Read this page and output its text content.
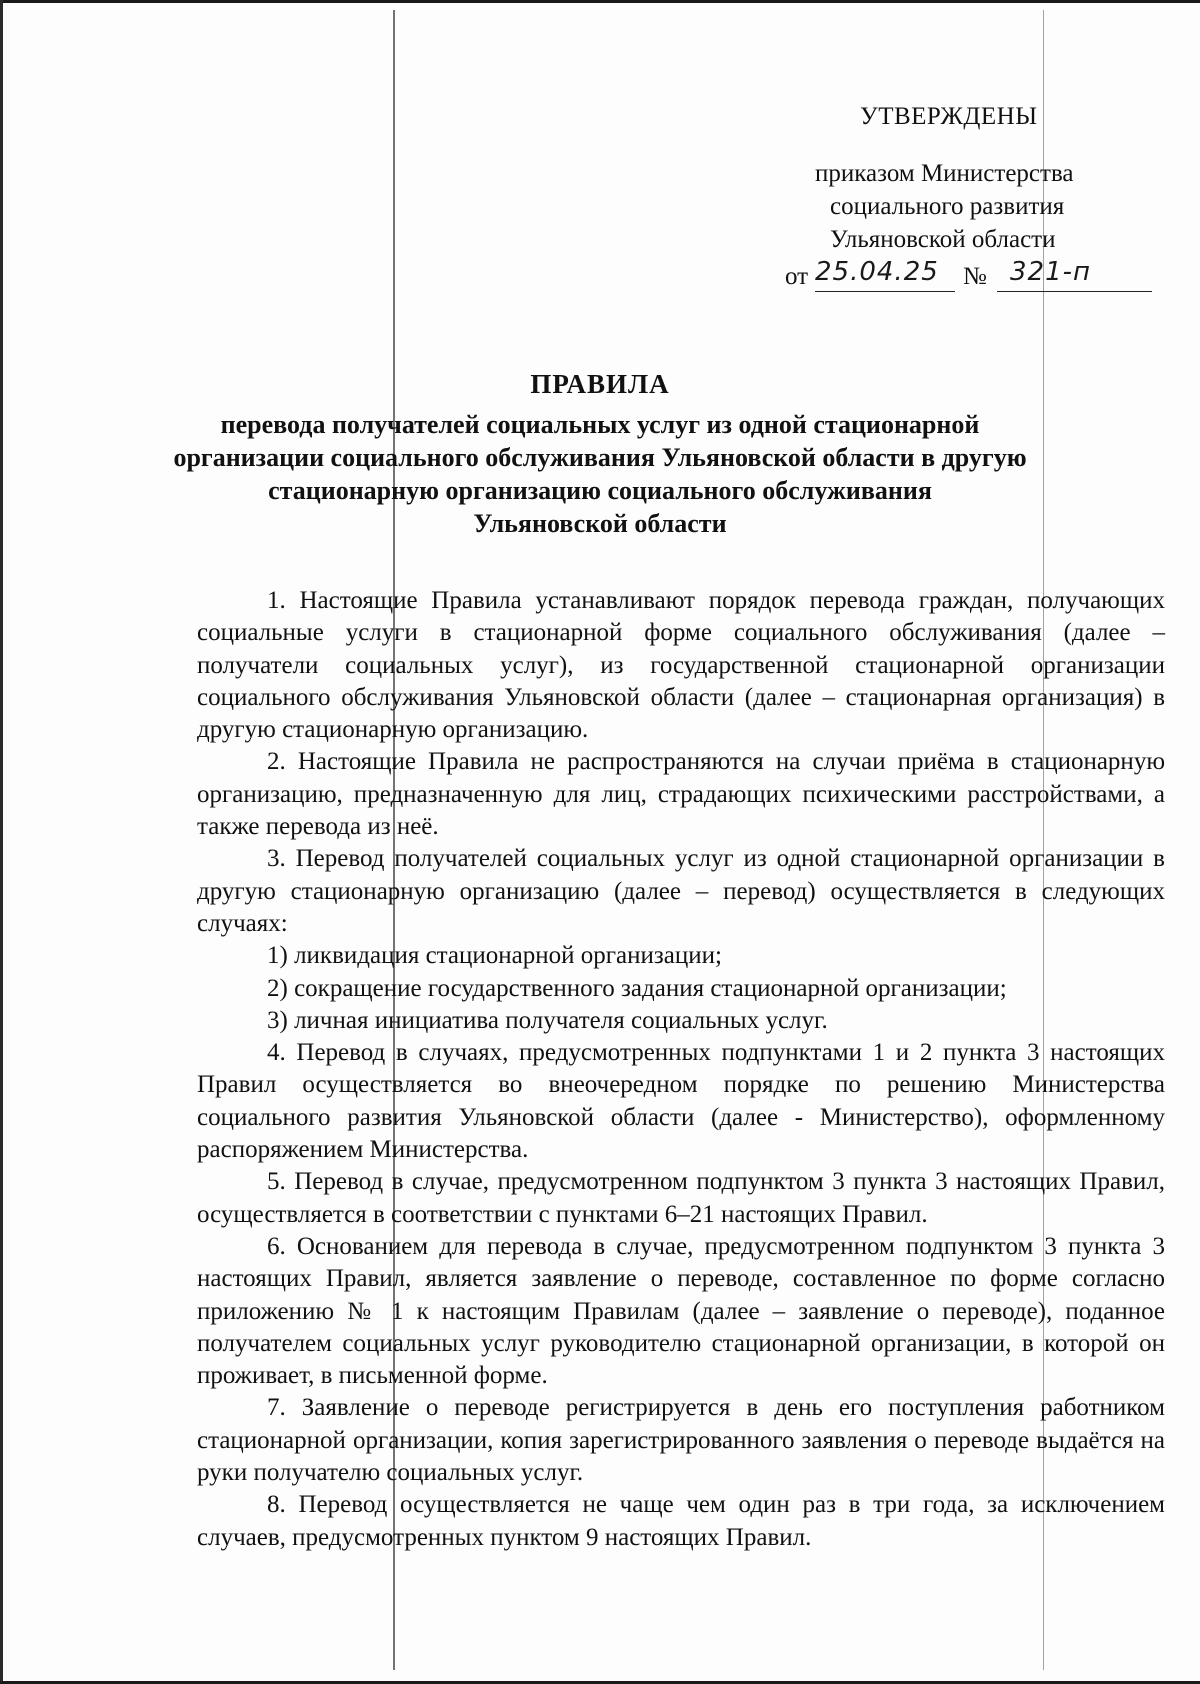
УТВЕРЖДЕНЫ
приказом Министерства
социального развития
Ульяновской области
от 25.04.25 № 321-п
ПРАВИЛА
перевода получателей социальных услуг из одной стационарной
организации социального обслуживания Ульяновской области в другую
стационарную организацию социального обслуживания
Ульяновской области

1. Настоящие Правила устанавливают порядок перевода граждан, получающих социальные услуги в стационарной форме социального обслуживания (далее – получатели социальных услуг), из государственной стационарной организации социального обслуживания Ульяновской области (далее – стационарная организация) в другую стационарную организацию.

2. Настоящие Правила не распространяются на случаи приёма в стационарную организацию, предназначенную для лиц, страдающих психическими расстройствами, а также перевода из неё.

3. Перевод получателей социальных услуг из одной стационарной организации в другую стационарную организацию (далее – перевод) осуществляется в следующих случаях:

1) ликвидация стационарной организации;

2) сокращение государственного задания стационарной организации;

3) личная инициатива получателя социальных услуг.

4. Перевод в случаях, предусмотренных подпунктами 1 и 2 пункта 3 настоящих Правил осуществляется во внеочередном порядке по решению Министерства социального развития Ульяновской области (далее - Министерство), оформленному распоряжением Министерства.

5. Перевод в случае, предусмотренном подпунктом 3 пункта 3 настоящих Правил, осуществляется в соответствии с пунктами 6–21 настоящих Правил.

6. Основанием для перевода в случае, предусмотренном подпунктом 3 пункта 3 настоящих Правил, является заявление о переводе, составленное по форме согласно приложению № 1 к настоящим Правилам (далее – заявление о переводе), поданное получателем социальных услуг руководителю стационарной организации, в которой он проживает, в письменной форме.

7. Заявление о переводе регистрируется в день его поступления работником стационарной организации, копия зарегистрированного заявления о переводе выдаётся на руки получателю социальных услуг.

8. Перевод осуществляется не чаще чем один раз в три года, за исключением случаев, предусмотренных пунктом 9 настоящих Правил.
